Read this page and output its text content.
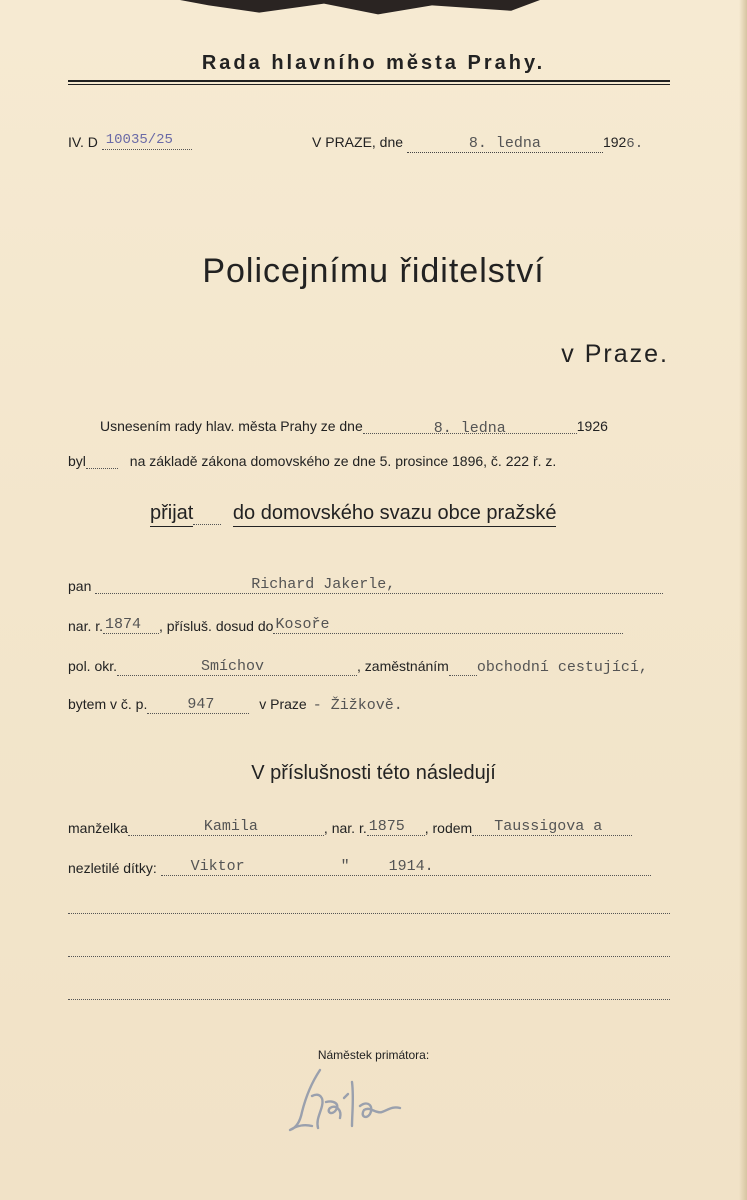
Rada hlavního města Prahy.
IV. D 10035/25	V PRAZE, dne	8. ledna	1926.
Policejnímu řiditelství
v Praze.
Usnesením rady hlav. města Prahy ze dne	8. ledna	1926
byl	na základě zákona domovského ze dne 5. prosince 1896, č. 222 ř. z.
přijat do domovského svazu obce pražské
pan	Richard Jakerle,
nar. r. 1874 , přísluš. dosud do Kosoře
pol. okr.	Smíchov	, zaměstnáním obchodní cestující,
bytem v č. p.	947	v Praze - Žižkově.
V příslušnosti této následují
manželka	Kamila	, nar. r. 1875 , rodem Taussigova a
nezletilé dítky: Viktor	"	1914.
Náměstek primátora:
